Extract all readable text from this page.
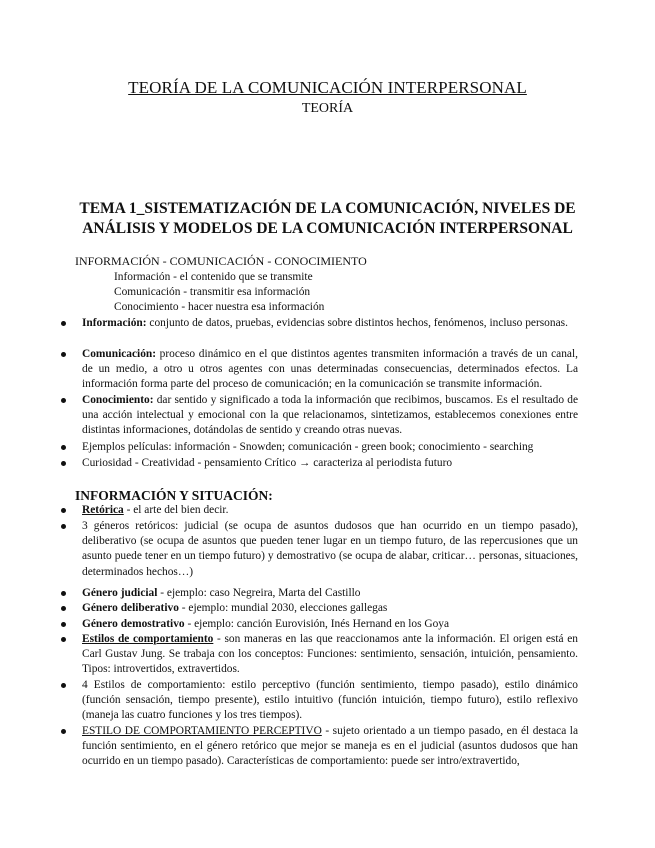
TEORÍA DE LA COMUNICACIÓN INTERPERSONAL
TEORÍA
TEMA 1_SISTEMATIZACIÓN DE LA COMUNICACIÓN, NIVELES DE
ANÁLISIS Y MODELOS DE LA COMUNICACIÓN INTERPERSONAL
INFORMACIÓN - COMUNICACIÓN - CONOCIMIENTO
Información - el contenido que se transmite
Comunicación - transmitir esa información
Conocimiento - hacer nuestra esa información
Información: conjunto de datos, pruebas, evidencias sobre distintos hechos, fenómenos, incluso personas.
Comunicación: proceso dinámico en el que distintos agentes transmiten información a través de un canal, de un medio, a otro u otros agentes con unas determinadas consecuencias, determinados efectos. La información forma parte del proceso de comunicación; en la comunicación se transmite información.
Conocimiento: dar sentido y significado a toda la información que recibimos, buscamos. Es el resultado de una acción intelectual y emocional con la que relacionamos, sintetizamos, establecemos conexiones entre distintas informaciones, dotándolas de sentido y creando otras nuevas.
Ejemplos películas: información - Snowden; comunicación - green book; conocimiento - searching
Curiosidad - Creatividad - pensamiento Crítico → caracteriza al periodista futuro
INFORMACIÓN Y SITUACIÓN:
Retórica - el arte del bien decir.
3 géneros retóricos: judicial (se ocupa de asuntos dudosos que han ocurrido en un tiempo pasado), deliberativo (se ocupa de asuntos que pueden tener lugar en un tiempo futuro, de las repercusiones que un asunto puede tener en un tiempo futuro) y demostrativo (se ocupa de alabar, criticar… personas, situaciones, determinados hechos…)
Género judicial - ejemplo: caso Negreira, Marta del Castillo
Género deliberativo - ejemplo: mundial 2030, elecciones gallegas
Género demostrativo - ejemplo: canción Eurovisión, Inés Hernand en los Goya
Estilos de comportamiento - son maneras en las que reaccionamos ante la información. El origen está en Carl Gustav Jung. Se trabaja con los conceptos: Funciones: sentimiento, sensación, intuición, pensamiento. Tipos: introvertidos, extravertidos.
4 Estilos de comportamiento: estilo perceptivo (función sentimiento, tiempo pasado), estilo dinámico (función sensación, tiempo presente), estilo intuitivo (función intuición, tiempo futuro), estilo reflexivo (maneja las cuatro funciones y los tres tiempos).
ESTILO DE COMPORTAMIENTO PERCEPTIVO - sujeto orientado a un tiempo pasado, en él destaca la función sentimiento, en el género retórico que mejor se maneja es en el judicial (asuntos dudosos que han ocurrido en un tiempo pasado). Características de comportamiento: puede ser intro/extravertido,
